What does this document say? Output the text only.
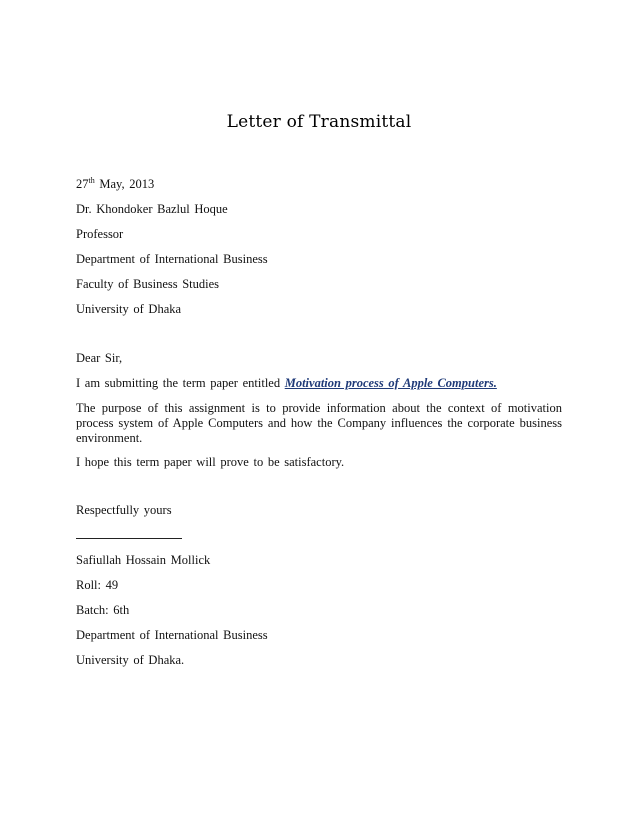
Letter of Transmittal
27th May, 2013
Dr. Khondoker Bazlul Hoque
Professor
Department of International Business
Faculty of Business Studies
University of Dhaka
Dear Sir,
I am submitting the term paper entitled Motivation process of Apple Computers.
The purpose of this assignment is to provide information about the context of motivation process system of Apple Computers and how the Company influences the corporate business environment.
I hope this term paper will prove to be satisfactory.
Respectfully yours
Safiullah Hossain Mollick
Roll: 49
Batch: 6th
Department of International Business
University of Dhaka.
